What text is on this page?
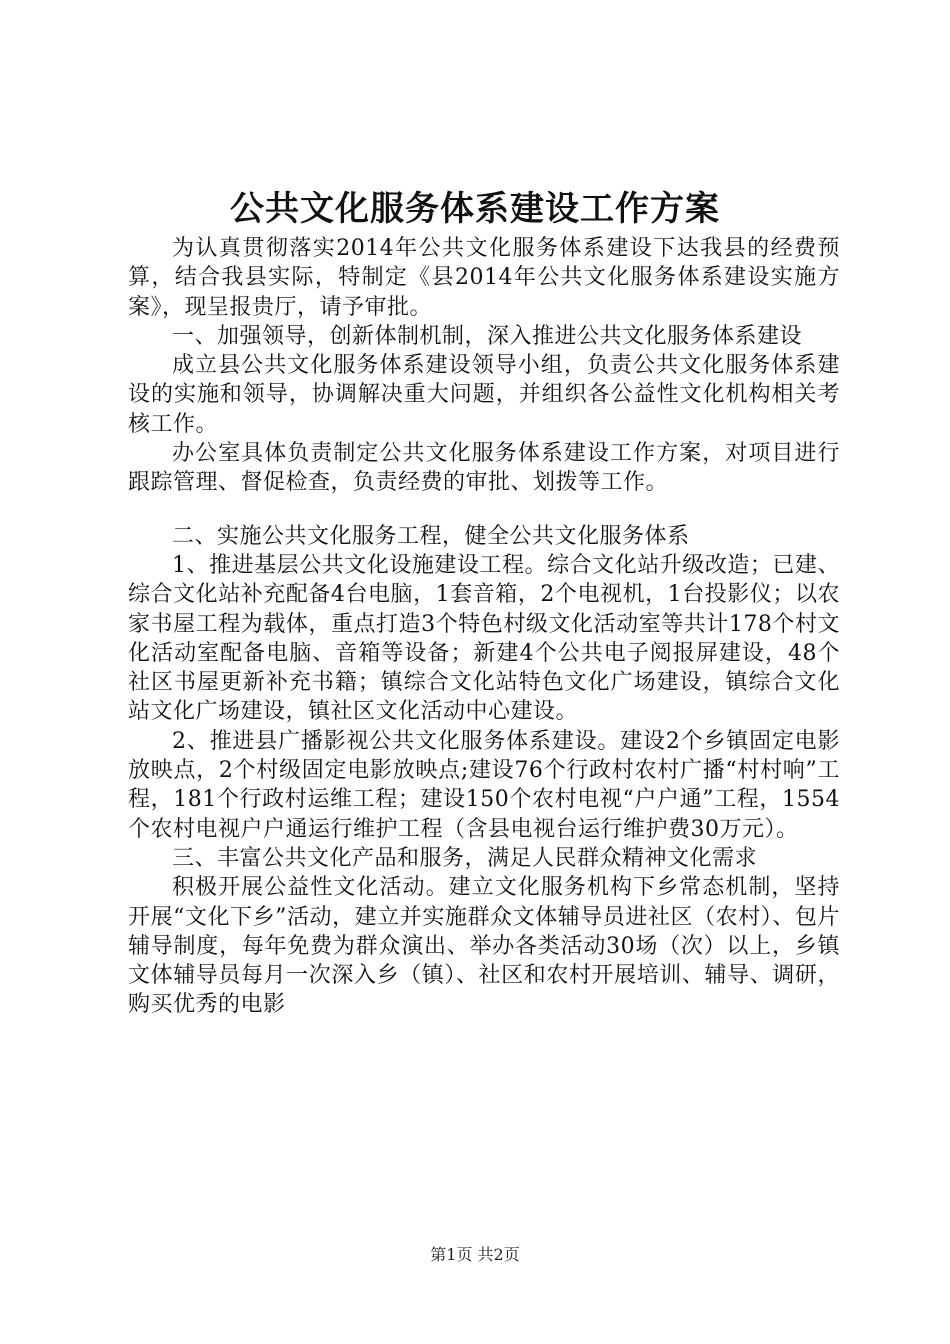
公共文化服务体系建设工作方案

为认真贯彻落实2014年公共文化服务体系建设下达我县的经费预算，结合我县实际，特制定《县2014年公共文化服务体系建设实施方案》，现呈报贵厅，请予审批。

一、加强领导，创新体制机制，深入推进公共文化服务体系建设

成立县公共文化服务体系建设领导小组，负责公共文化服务体系建设的实施和领导，协调解决重大问题，并组织各公益性文化机构相关考核工作。

办公室具体负责制定公共文化服务体系建设工作方案，对项目进行跟踪管理、督促检查，负责经费的审批、划拨等工作。

二、实施公共文化服务工程，健全公共文化服务体系

1、推进基层公共文化设施建设工程。综合文化站升级改造；已建、综合文化站补充配备4台电脑，1套音箱，2个电视机，1台投影仪；以农家书屋工程为载体，重点打造3个特色村级文化活动室等共计178个村文化活动室配备电脑、音箱等设备；新建4个公共电子阅报屏建设，48个社区书屋更新补充书籍；镇综合文化站特色文化广场建设，镇综合文化站文化广场建设，镇社区文化活动中心建设。

2、推进县广播影视公共文化服务体系建设。建设2个乡镇固定电影放映点，2个村级固定电影放映点;建设76个行政村农村广播“村村响”工程，181个行政村运维工程；建设150个农村电视“户户通”工程，1554个农村电视户户通运行维护工程（含县电视台运行维护费30万元）。

三、丰富公共文化产品和服务，满足人民群众精神文化需求

积极开展公益性文化活动。建立文化服务机构下乡常态机制，坚持开展“文化下乡”活动，建立并实施群众文体辅导员进社区（农村）、包片辅导制度，每年免费为群众演出、举办各类活动30场（次）以上，乡镇文体辅导员每月一次深入乡（镇）、社区和农村开展培训、辅导、调研，购买优秀的电影

第1页 共2页
